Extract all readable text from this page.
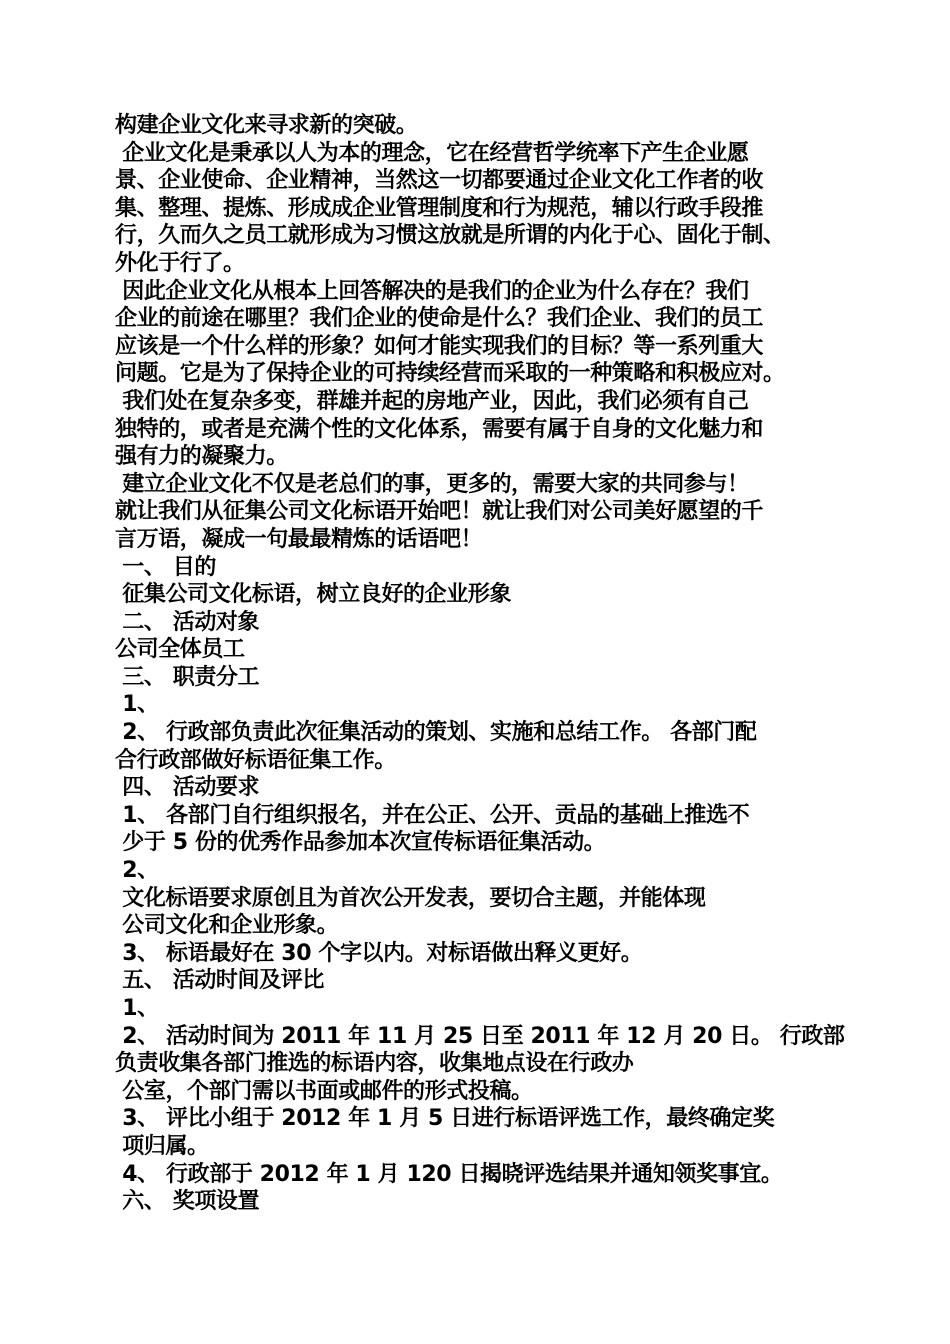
构建企业文化来寻求新的突破。
企业文化是秉承以人为本的理念，它在经营哲学统率下产生企业愿
景、企业使命、企业精神，当然这一切都要通过企业文化工作者的收
集、整理、提炼、形成成企业管理制度和行为规范，辅以行政手段推
行，久而久之员工就形成为习惯这放就是所谓的内化于心、固化于制、
外化于行了。
因此企业文化从根本上回答解决的是我们的企业为什么存在？我们
企业的前途在哪里？我们企业的使命是什么？我们企业、我们的员工
应该是一个什么样的形象？如何才能实现我们的目标？等一系列重大
问题。它是为了保持企业的可持续经营而采取的一种策略和积极应对。
我们处在复杂多变，群雄并起的房地产业，因此，我们必须有自己
独特的，或者是充满个性的文化体系，需要有属于自身的文化魅力和
强有力的凝聚力。
建立企业文化不仅是老总们的事，更多的，需要大家的共同参与！
就让我们从征集公司文化标语开始吧！就让我们对公司美好愿望的千
言万语，凝成一句最最精炼的话语吧！
一、 目的
征集公司文化标语，树立良好的企业形象
二、 活动对象
公司全体员工
三、 职责分工
1、
2、 行政部负责此次征集活动的策划、实施和总结工作。 各部门配
合行政部做好标语征集工作。
四、 活动要求
1、 各部门自行组织报名，并在公正、公开、贡品的基础上推选不
少于 5 份的优秀作品参加本次宣传标语征集活动。
2、
文化标语要求原创且为首次公开发表，要切合主题，并能体现
公司文化和企业形象。
3、 标语最好在 30 个字以内。对标语做出释义更好。
五、 活动时间及评比
1、
2、 活动时间为 2011 年 11 月 25 日至 2011 年 12 月 20 日。 行政部
负责收集各部门推选的标语内容，收集地点设在行政办
公室，个部门需以书面或邮件的形式投稿。
3、 评比小组于 2012 年 1 月 5 日进行标语评选工作，最终确定奖
项归属。
4、 行政部于 2012 年 1 月 120 日揭晓评选结果并通知领奖事宜。
六、 奖项设置
